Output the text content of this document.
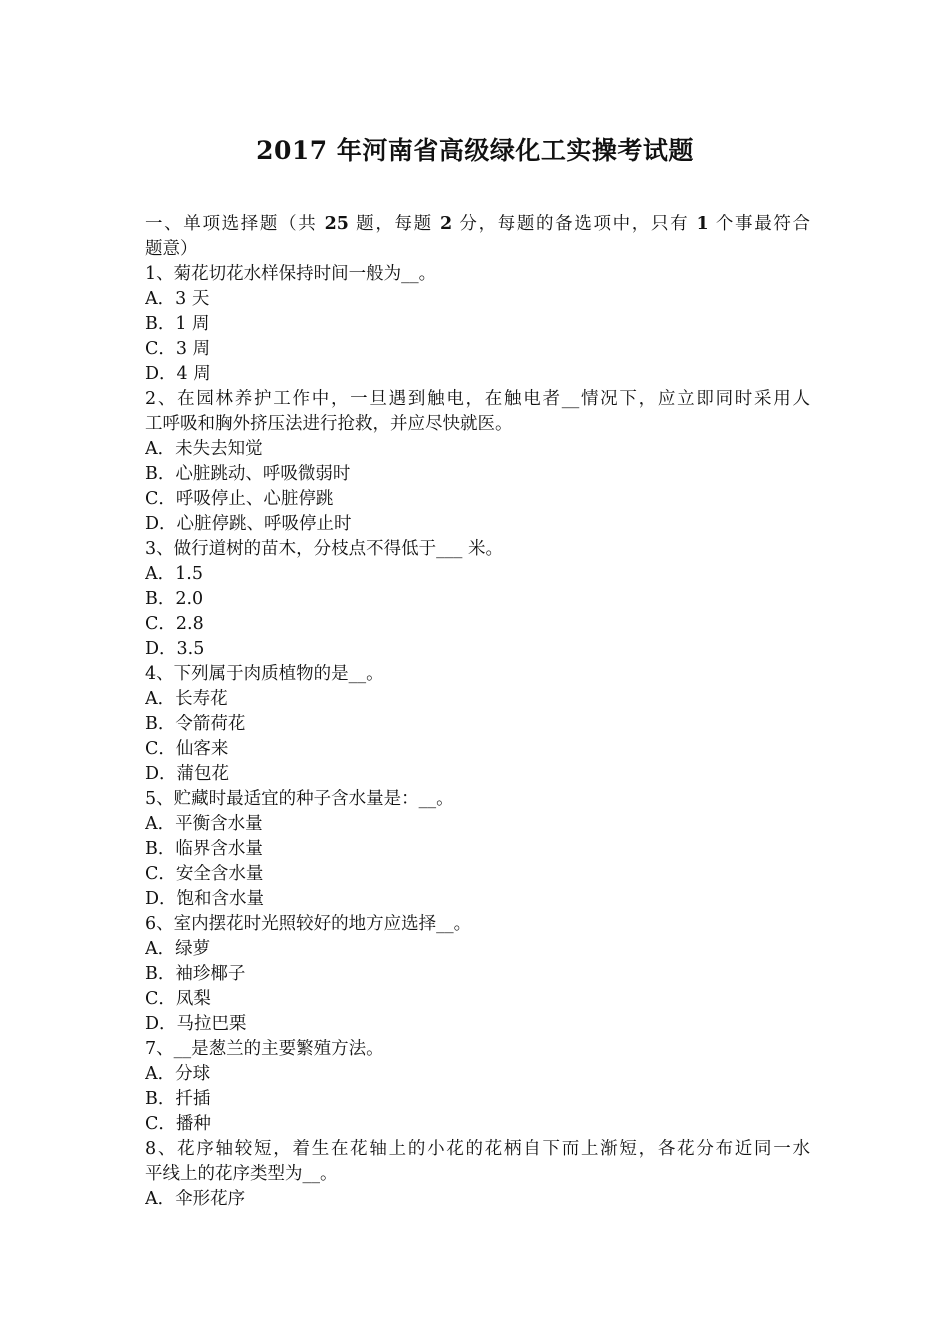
2017 年河南省高级绿化工实操考试题
一、单项选择题（共 25 题，每题 2 分，每题的备选项中，只有 1 个事最符合
题意）
1、菊花切花水样保持时间一般为__。
A．3 天
B．1 周
C．3 周
D．4 周
2、在园林养护工作中，一旦遇到触电，在触电者__情况下，应立即同时采用人
工呼吸和胸外挤压法进行抢救，并应尽快就医。
A．未失去知觉
B．心脏跳动、呼吸微弱时
C．呼吸停止、心脏停跳
D．心脏停跳、呼吸停止时
3、做行道树的苗木，分枝点不得低于___ 米。
A．1.5
B．2.0
C．2.8
D．3.5
4、下列属于肉质植物的是__。
A．长寿花
B．令箭荷花
C．仙客来
D．蒲包花
5、贮藏时最适宜的种子含水量是：__。
A．平衡含水量
B．临界含水量
C．安全含水量
D．饱和含水量
6、室内摆花时光照较好的地方应选择__。
A．绿萝
B．袖珍椰子
C．凤梨
D．马拉巴栗
7、__是葱兰的主要繁殖方法。
A．分球
B．扦插
C．播种
8、花序轴较短，着生在花轴上的小花的花柄自下而上渐短，各花分布近同一水
平线上的花序类型为__。
A．伞形花序
